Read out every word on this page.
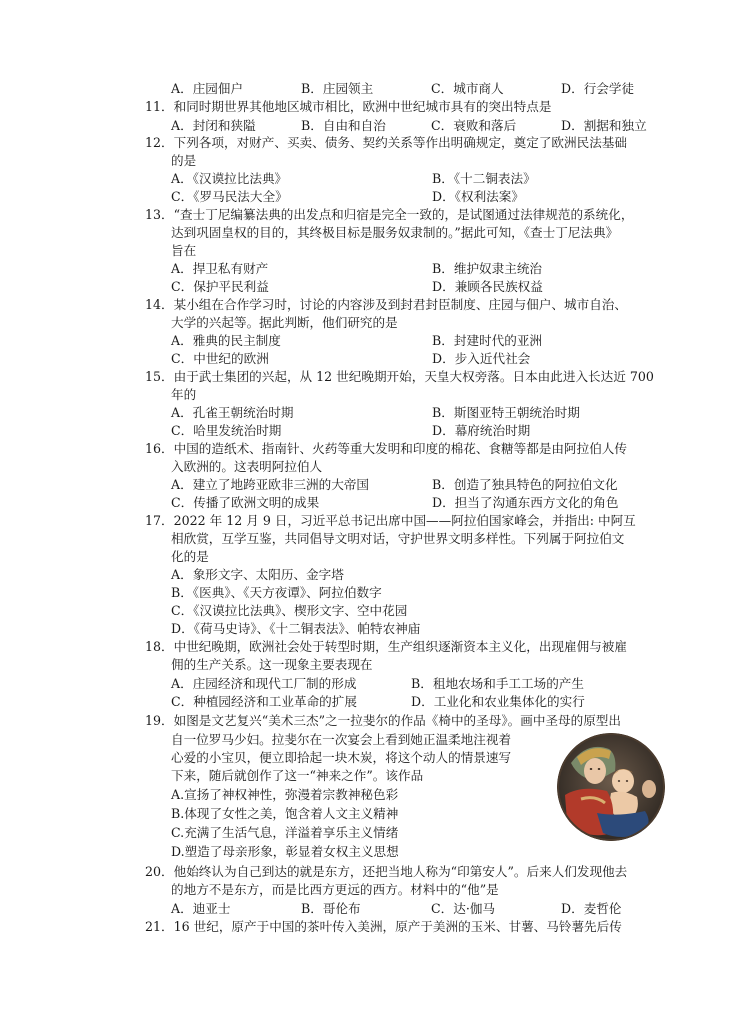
A．庄园佃户	B．庄园领主	C．城市商人	D．行会学徒
11．和同时期世界其他地区城市相比，欧洲中世纪城市具有的突出特点是
A．封闭和狭隘	B．自由和自治	C．衰败和落后	D．割据和独立
12．下列各项，对财产、买卖、债务、契约关系等作出明确规定，奠定了欧洲民法基础
的是
A．《汉谟拉比法典》	B．《十二铜表法》
C．《罗马民法大全》	D．《权利法案》
13．“查士丁尼编纂法典的出发点和归宿是完全一致的，是试图通过法律规范的系统化，
达到巩固皇权的目的，其终极目标是服务奴隶制的。”据此可知，《查士丁尼法典》
旨在
A．捍卫私有财产	B．维护奴隶主统治
C．保护平民利益	D．兼顾各民族权益
14．某小组在合作学习时，讨论的内容涉及到封君封臣制度、庄园与佃户、城市自治、
大学的兴起等。据此判断，他们研究的是
A．雅典的民主制度	B．封建时代的亚洲
C．中世纪的欧洲	D．步入近代社会
15．由于武士集团的兴起，从 12 世纪晚期开始，天皇大权旁落。日本由此进入长达近 700
年的
A．孔雀王朝统治时期	B．斯图亚特王朝统治时期
C．哈里发统治时期	D．幕府统治时期
16．中国的造纸术、指南针、火药等重大发明和印度的棉花、食糖等都是由阿拉伯人传
入欧洲的。这表明阿拉伯人
A．建立了地跨亚欧非三洲的大帝国	B．创造了独具特色的阿拉伯文化
C．传播了欧洲文明的成果	D．担当了沟通东西方文化的角色
17．2022 年 12 月 9 日，习近平总书记出席中国——阿拉伯国家峰会，并指出: 中阿互
相欣赏，互学互鉴，共同倡导文明对话，守护世界文明多样性。下列属于阿拉伯文
化的是
A．象形文字、太阳历、金字塔
B．《医典》、《天方夜谭》、阿拉伯数字
C．《汉谟拉比法典》、楔形文字、空中花园
D．《荷马史诗》、《十二铜表法》、帕特农神庙
18．中世纪晚期，欧洲社会处于转型时期，生产组织逐渐资本主义化，出现雇佣与被雇
佣的生产关系。这一现象主要表现在
A．庄园经济和现代工厂制的形成	B．租地农场和手工工场的产生
C．种植园经济和工业革命的扩展	D．工业化和农业集体化的实行
19．如图是文艺复兴“美术三杰”之一拉斐尔的作品《椅中的圣母》。画中圣母的原型出
自一位罗马少妇。拉斐尔在一次宴会上看到她正温柔地注视着
心爱的小宝贝，便立即拾起一块木炭，将这个动人的情景速写
下来，随后就创作了这一“神来之作”。该作品
A.宣扬了神权神性，弥漫着宗教神秘色彩
B.体现了女性之美，饱含着人文主义精神
C.充满了生活气息，洋溢着享乐主义情绪
D.塑造了母亲形象，彰显着女权主义思想
20．他始终认为自己到达的就是东方，还把当地人称为“印第安人”。后来人们发现他去
的地方不是东方，而是比西方更远的西方。材料中的“他”是
A．迪亚士	B．哥伦布	C．达·伽马	D．麦哲伦
21．16 世纪，原产于中国的茶叶传入美洲，原产于美洲的玉米、甘薯、马铃薯先后传
